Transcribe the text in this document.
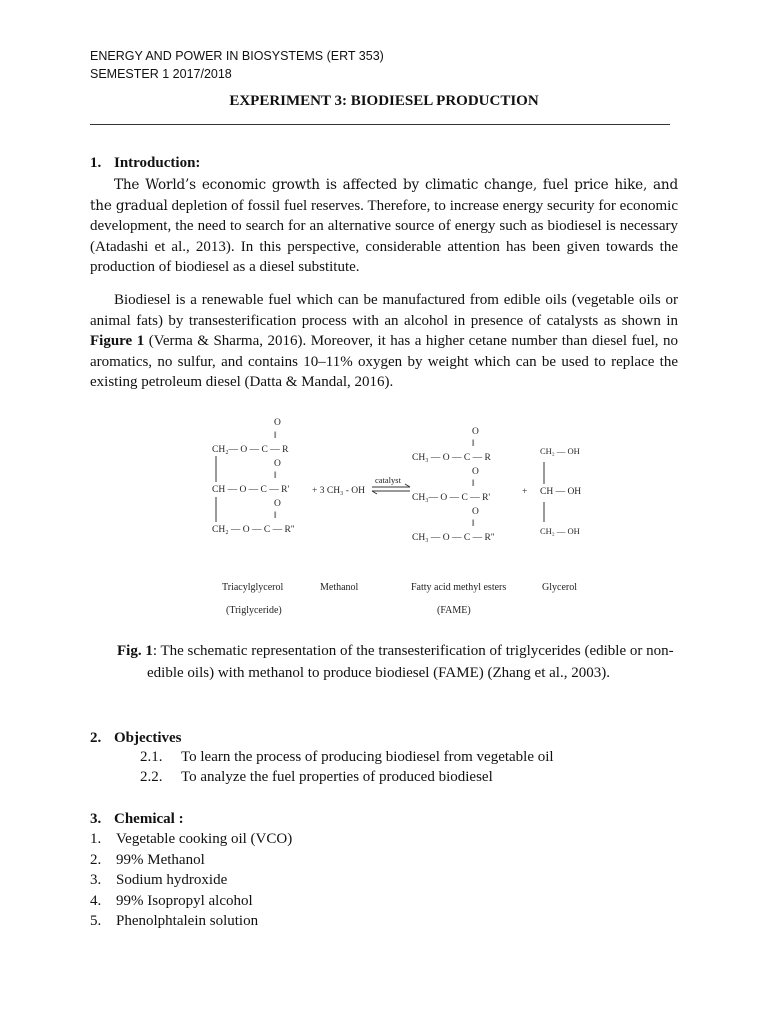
ENERGY AND POWER IN BIOSYSTEMS (ERT 353)
SEMESTER 1 2017/2018
EXPERIMENT 3: BIODIESEL PRODUCTION
1. Introduction:

The World’s economic growth is affected by climatic change, fuel price hike, and the gradual depletion of fossil fuel reserves. Therefore, to increase energy security for economic development, the need to search for an alternative source of energy such as biodiesel is necessary (Atadashi et al., 2013). In this perspective, considerable attention has been given towards the production of biodiesel as a diesel substitute.

Biodiesel is a renewable fuel which can be manufactured from edible oils (vegetable oils or animal fats) by transesterification process with an alcohol in presence of catalysts as shown in Figure 1 (Verma & Sharma, 2016). Moreover, it has a higher cetane number than diesel fuel, no aromatics, no sulfur, and contains 10–11% oxygen by weight which can be used to replace the existing petroleum diesel (Datta & Mandal, 2016).

O
‖
CH₂— O — C — R
O
‖
CH — O — C — R'
O
‖
CH₂ — O — C — R"
+ 3 CH₃ - OH
catalyst
O
‖
CH₃ — O — C — R
O
‖
CH₃— O — C — R'
O
‖
CH₃ — O — C — R"
+
CH₂ — OH
CH — OH
CH₂ — OH
Triacylglycerol
(Triglyceride)
Methanol	Fatty acid methyl esters
(FAME)
Glycerol
Fig. 1: The schematic representation of the transesterification of triglycerides (edible or non-
edible oils) with methanol to produce biodiesel (FAME) (Zhang et al., 2003).
2. Objectives
2.1. To learn the process of producing biodiesel from vegetable oil
2.2. To analyze the fuel properties of produced biodiesel
3. Chemical :
1. Vegetable cooking oil (VCO)
2. 99% Methanol
3. Sodium hydroxide
4. 99% Isopropyl alcohol
5. Phenolphtalein solution
